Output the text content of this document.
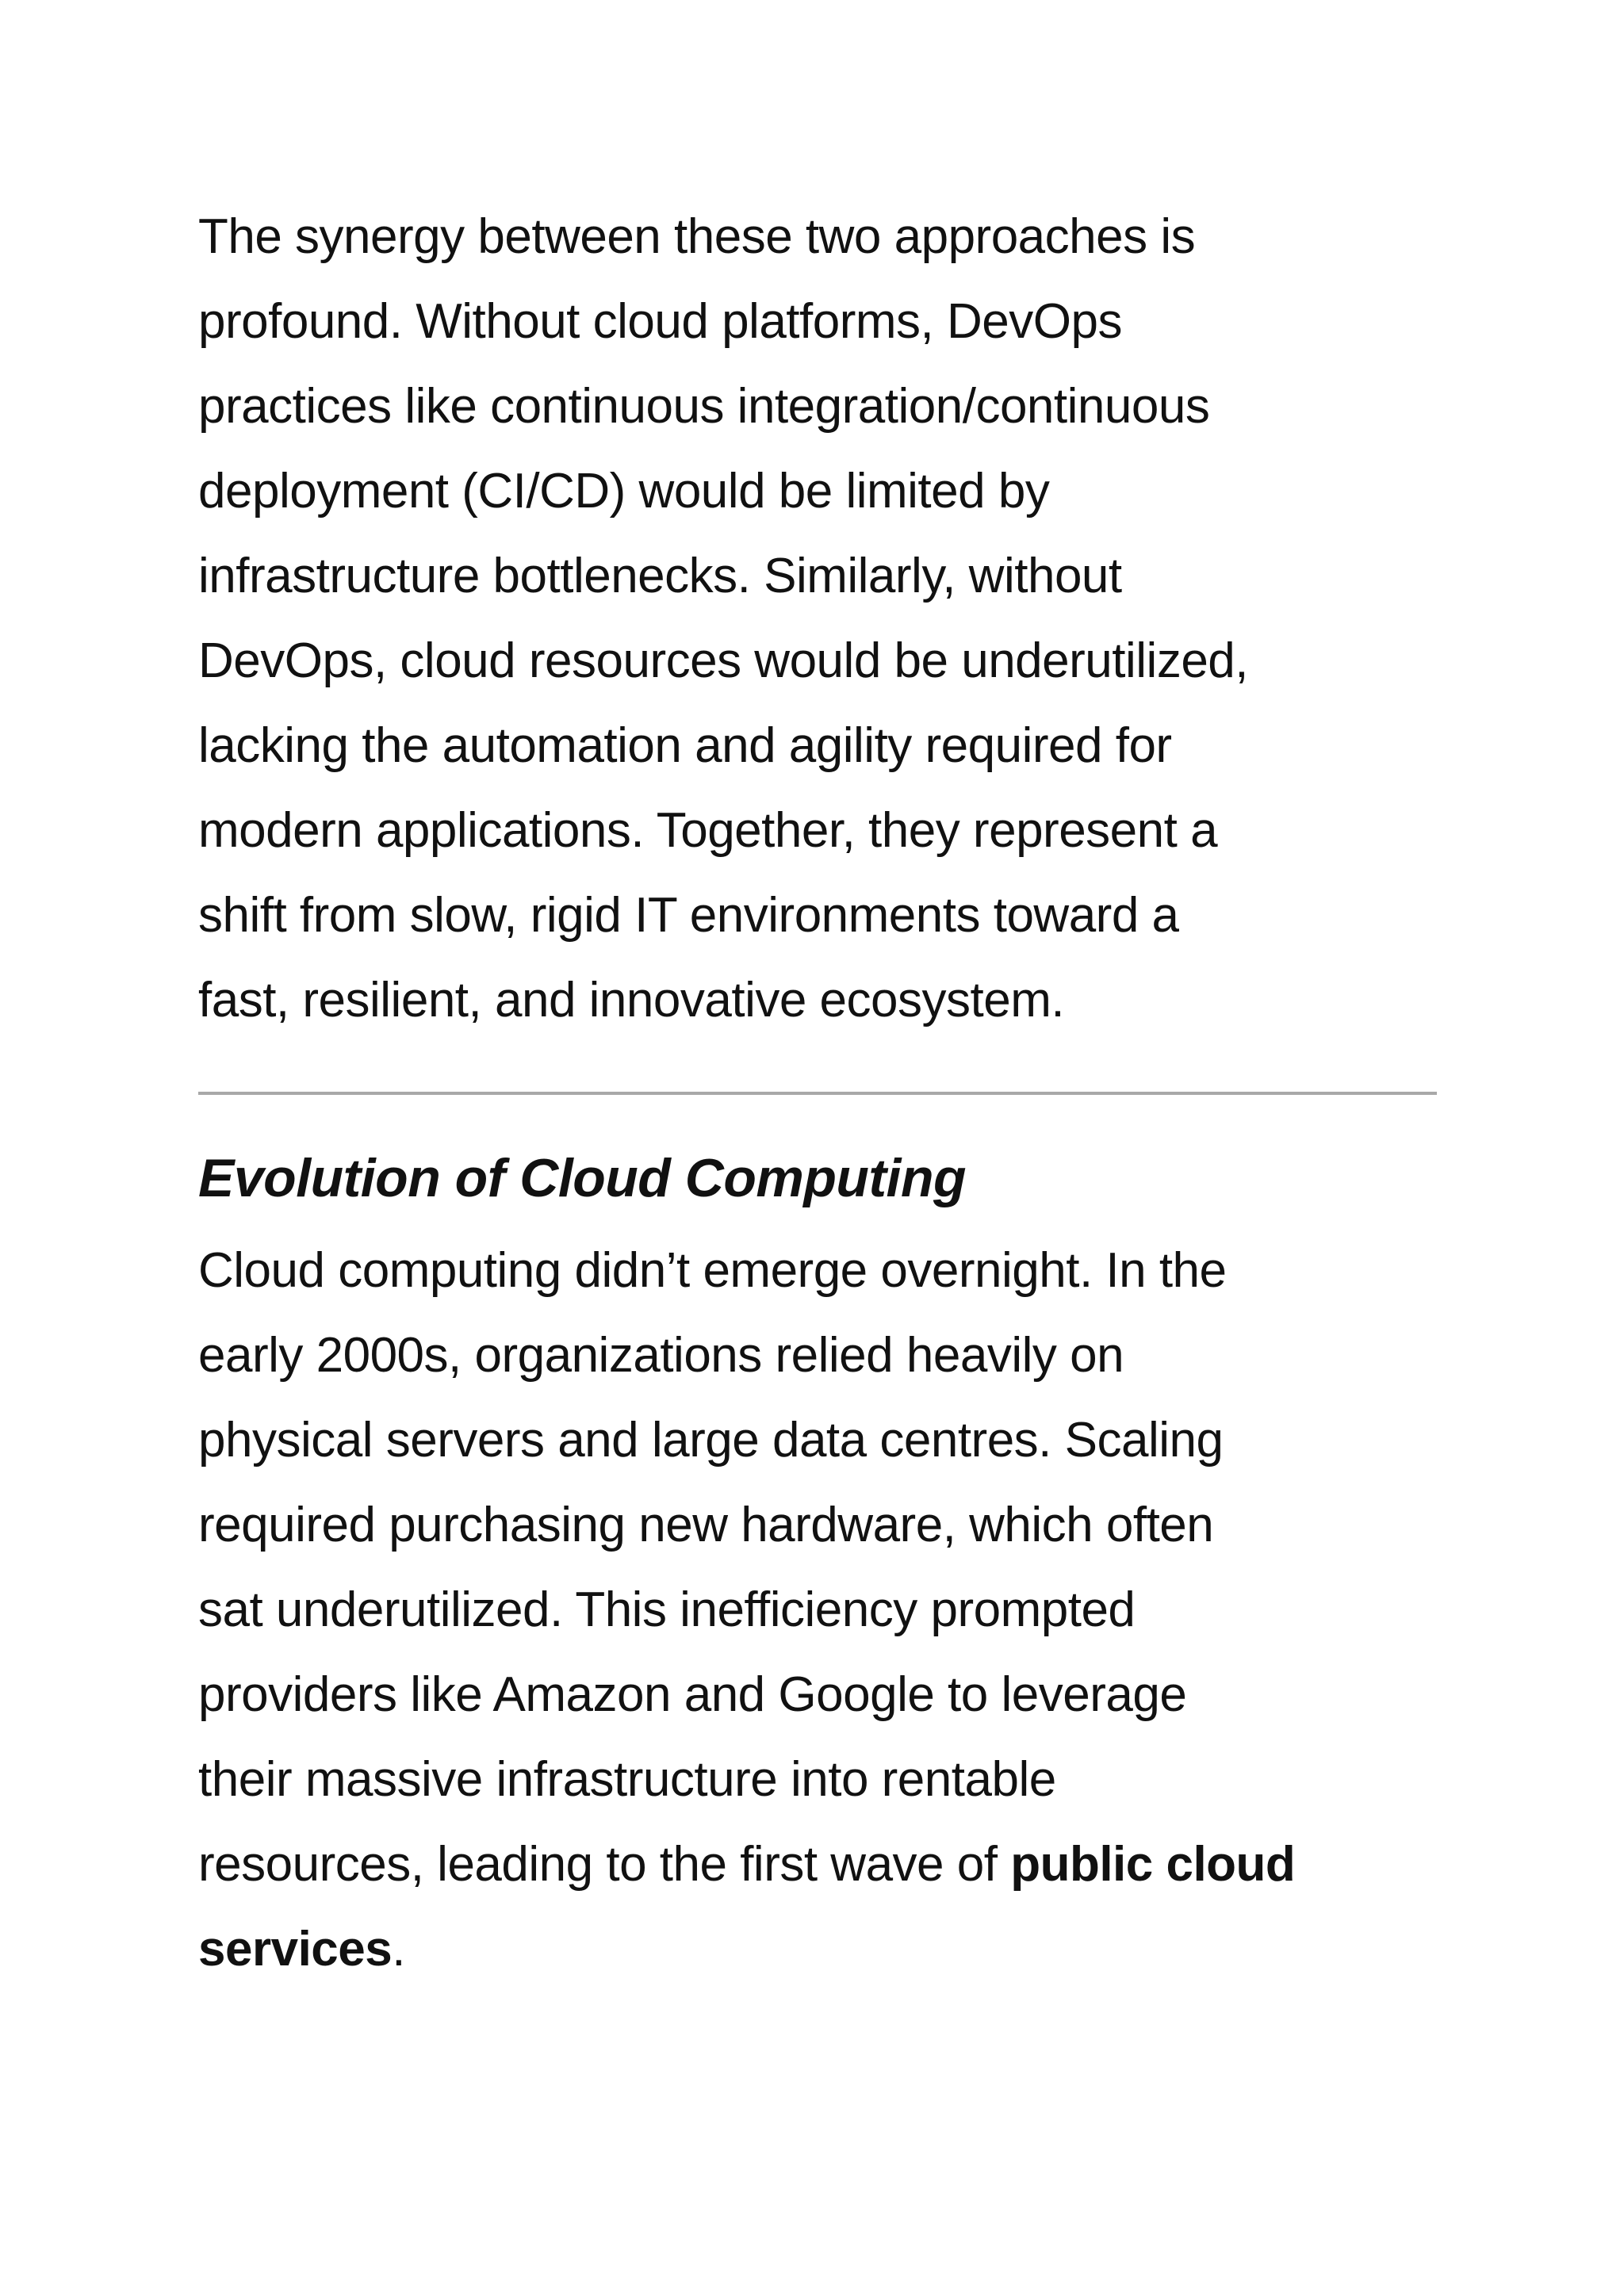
The synergy between these two approaches is
profound. Without cloud platforms, DevOps
practices like continuous integration/continuous
deployment (CI/CD) would be limited by
infrastructure bottlenecks. Similarly, without
DevOps, cloud resources would be underutilized,
lacking the automation and agility required for
modern applications. Together, they represent a
shift from slow, rigid IT environments toward a
fast, resilient, and innovative ecosystem.

Evolution of Cloud Computing

Cloud computing didn’t emerge overnight. In the
early 2000s, organizations relied heavily on
physical servers and large data centres. Scaling
required purchasing new hardware, which often
sat underutilized. This inefficiency prompted
providers like Amazon and Google to leverage
their massive infrastructure into rentable
resources, leading to the first wave of public cloud
services.
